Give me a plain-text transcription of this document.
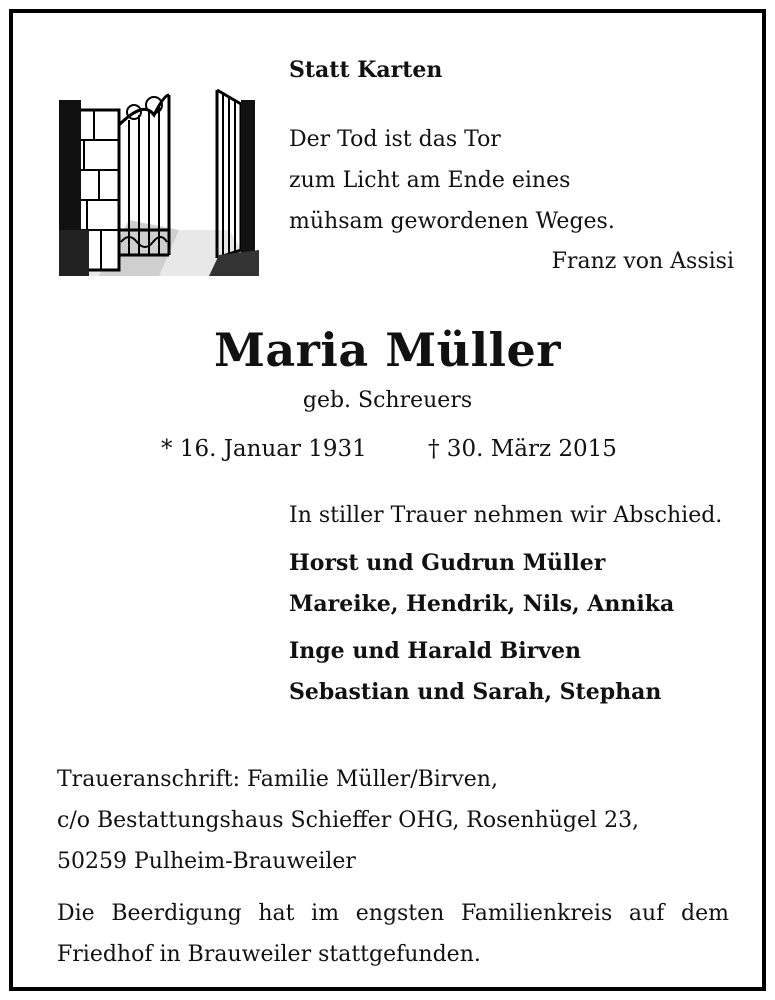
Statt Karten
Der Tod ist das Tor
zum Licht am Ende eines
mühsam gewordenen Weges.
Franz von Assisi
Maria Müller
geb. Schreuers
* 16. Januar 1931	† 30. März 2015
In stiller Trauer nehmen wir Abschied.
Horst und Gudrun Müller
Mareike, Hendrik, Nils, Annika
Inge und Harald Birven
Sebastian und Sarah, Stephan
Traueranschrift: Familie Müller/Birven,
c/o Bestattungshaus Schieffer OHG, Rosenhügel 23,
50259 Pulheim-Brauweiler
Die Beerdigung hat im engsten Familienkreis auf dem Friedhof in Brauweiler stattgefunden.
